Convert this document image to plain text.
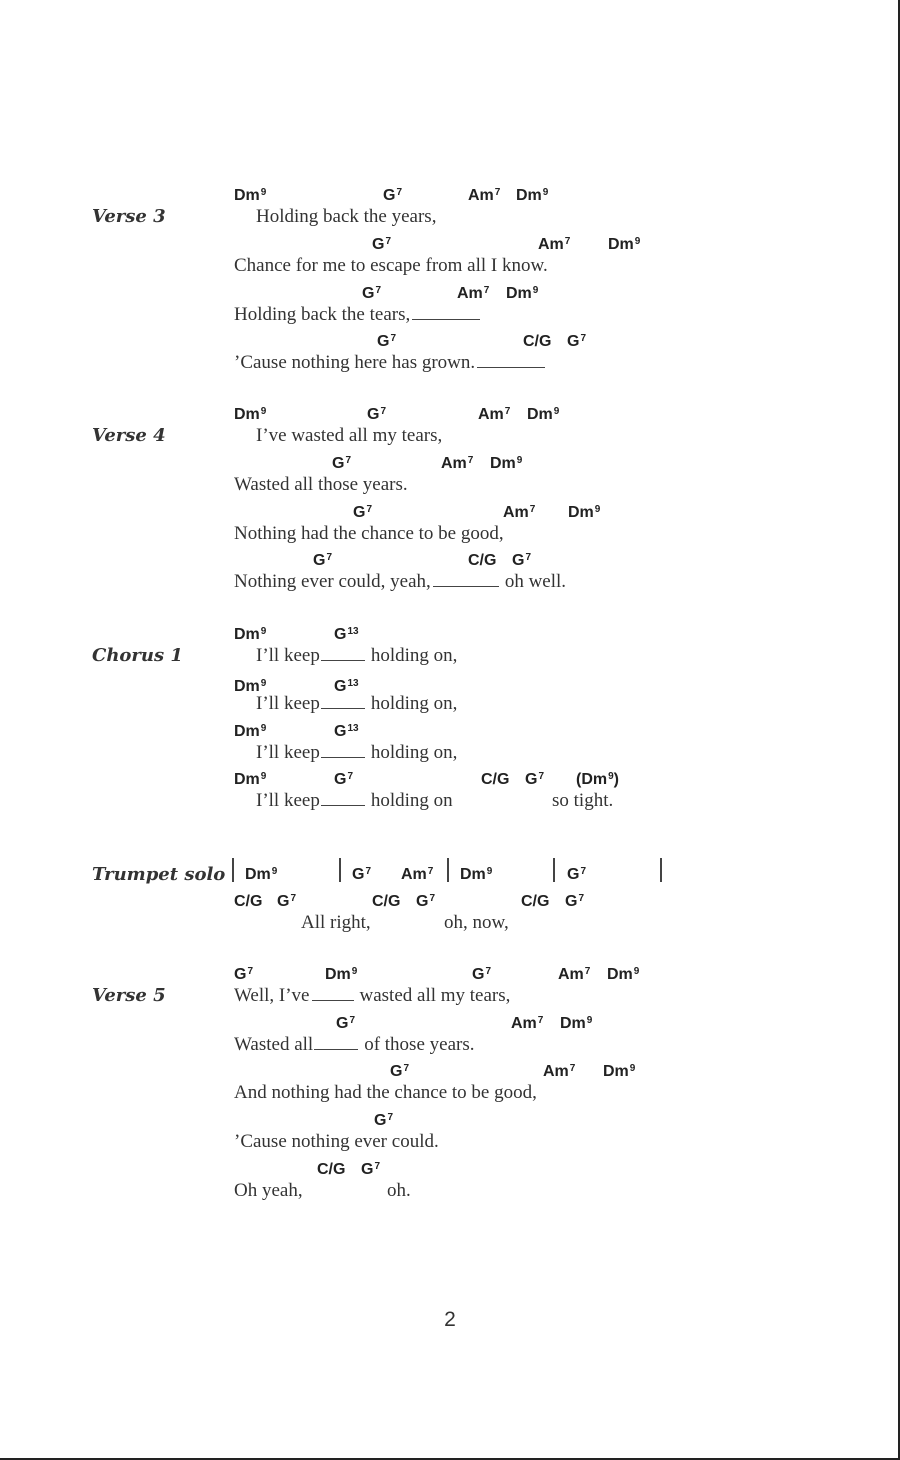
Verse 3
Dm$^9$	$G^7$	Am$^7$ Dm$^9$
Holding back the years,
$G^7$	Am$^7$ Dm$^9$
Chance for me to escape from all I know.
$G^7$	Am$^7$ Dm$^9$
Holding back the tears,
$G^7$	C/G $G^7$
’Cause nothing here has grown.
Verse 4
Dm$^9$	$G^7$	Am$^7$ Dm$^9$
I’ve wasted all my tears,
$G^7$	Am$^7$ Dm$^9$
Wasted all those years.
$G^7$	Am$^7$ Dm$^9$
Nothing had the chance to be good,
$G^7$	C/G $G^7$
Nothing ever could, yeah,	oh well.
Chorus 1
Dm$^9$	$G^{13}$
I’ll keep	holding on,
Dm$^9$	$G^{13}$
I’ll keep	holding on,
Dm$^9$	$G^{13}$
I’ll keep	holding on,
Dm$^9$	$G^7$	C/G $G^7$ (Dm$^9$)
I’ll keep	holding on	so tight.
Trumpet solo Dm$^9$	$G^7$ Am$^7$ Dm$^9$	$G^7$
C/G $G^7$	C/G $G^7$	C/G $G^7$
All right,	oh, now,
Verse 5
$G^7$	Dm$^9$	$G^7$	Am$^7$ Dm$^9$
Well, I’ve	wasted all my tears,
$G^7$	Am$^7$ Dm$^9$
Wasted all	of those years.
$G^7$	Am$^7$ Dm$^9$
And nothing had the chance to be good,
$G^7$
’Cause nothing ever could.
C/G $G^7$
Oh yeah,	oh.
2
